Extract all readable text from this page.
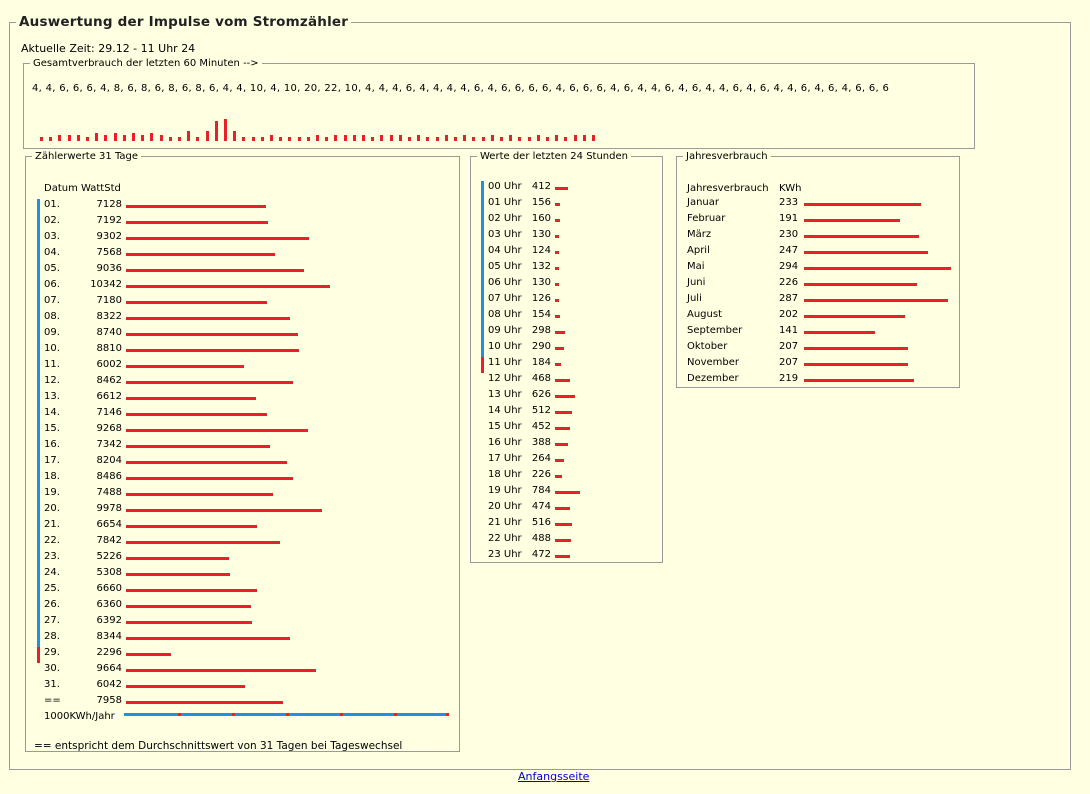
Auswertung der Impulse vom Stromzähler
Aktuelle Zeit: 29.12 - 11 Uhr 24
Gesamtverbrauch der letzten 60 Minuten -->
4, 4, 6, 6, 6, 4, 8, 6, 8, 6, 8, 6, 8, 6, 4, 4, 10, 4, 10, 20, 22, 10, 4, 4, 4, 6, 4, 4, 4, 4, 6, 4, 6, 6, 6, 6, 4, 6, 6, 6, 4, 6, 4, 4, 6, 4, 6, 4, 4, 6, 4, 6, 4, 4, 6, 4, 6, 4, 6, 6, 6
Zählerwerte 31 Tage
Datum WattStd
1000KWh/Jahr
== entspricht dem Durchschnittswert von 31 Tagen bei Tageswechsel
01.	7128
02.	7192
03.	9302
04.	7568
05.	9036
06.	10342
07.	7180
08.	8322
09.	8740
10.	8810
11.	6002
12.	8462
13.	6612
14.	7146
15.	9268
16.	7342
17.	8204
18.	8486
19.	7488
20.	9978
21.	6654
22.	7842
23.	5226
24.	5308
25.	6660
26.	6360
27.	6392
28.	8344
29.	2296
30.	9664
31.	6042
==	7958
Werte der letzten 24 Stunden
00 Uhr	412
01 Uhr	156
02 Uhr	160
03 Uhr	130
04 Uhr	124
05 Uhr	132
06 Uhr	130
07 Uhr	126
08 Uhr	154
09 Uhr	298
10 Uhr	290
11 Uhr	184
12 Uhr	468
13 Uhr	626
14 Uhr	512
15 Uhr	452
16 Uhr	388
17 Uhr	264
18 Uhr	226
19 Uhr	784
20 Uhr	474
21 Uhr	516
22 Uhr	488
23 Uhr	472
Jahresverbrauch
Jahresverbrauch KWh
Januar	233
Februar	191
März	230
April	247
Mai	294
Juni	226
Juli	287
August	202
September	141
Oktober	207
November	207
Dezember	219
Anfangsseite
